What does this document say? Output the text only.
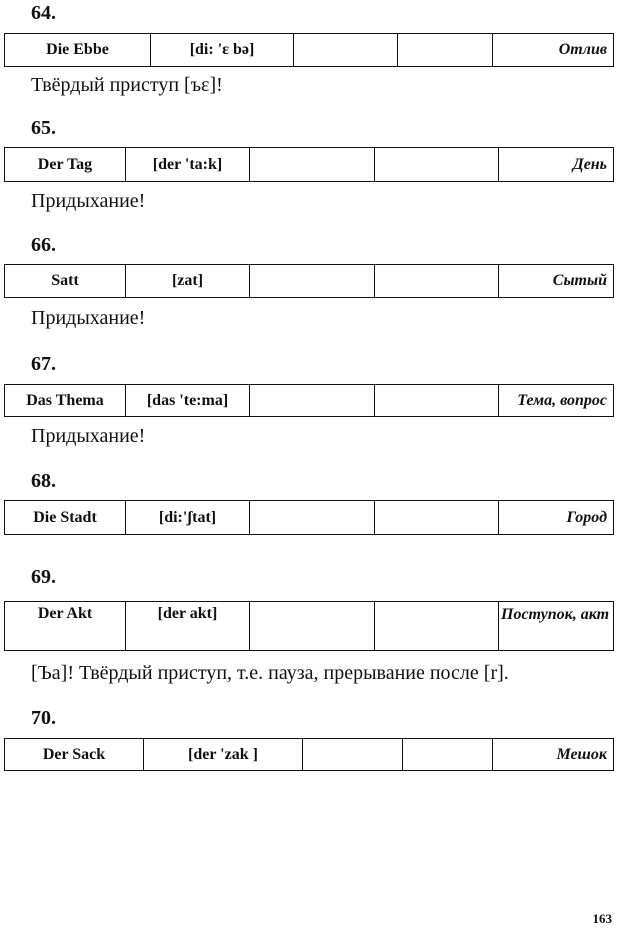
64.
Die Ebbe	[di: 'ɛ bə]			Отлив
Твёрдый приступ [ъɛ]!
65.
Der Tag	[der 'ta:k]			День
Придыхание!
66.
Satt	[zat]			Сытый
Придыхание!
67.
Das Thema	[das 'te:ma]			Тема, вопрос
Придыхание!
68.
Die Stadt	[di:'ʃtat]			Город
69.
Der Akt	[der akt]			Поступок, акт
[Ъa]! Твёрдый приступ, т.е. пауза, прерывание после [r].
70.
Der Sack	[der 'zak ]			Мешок
163
